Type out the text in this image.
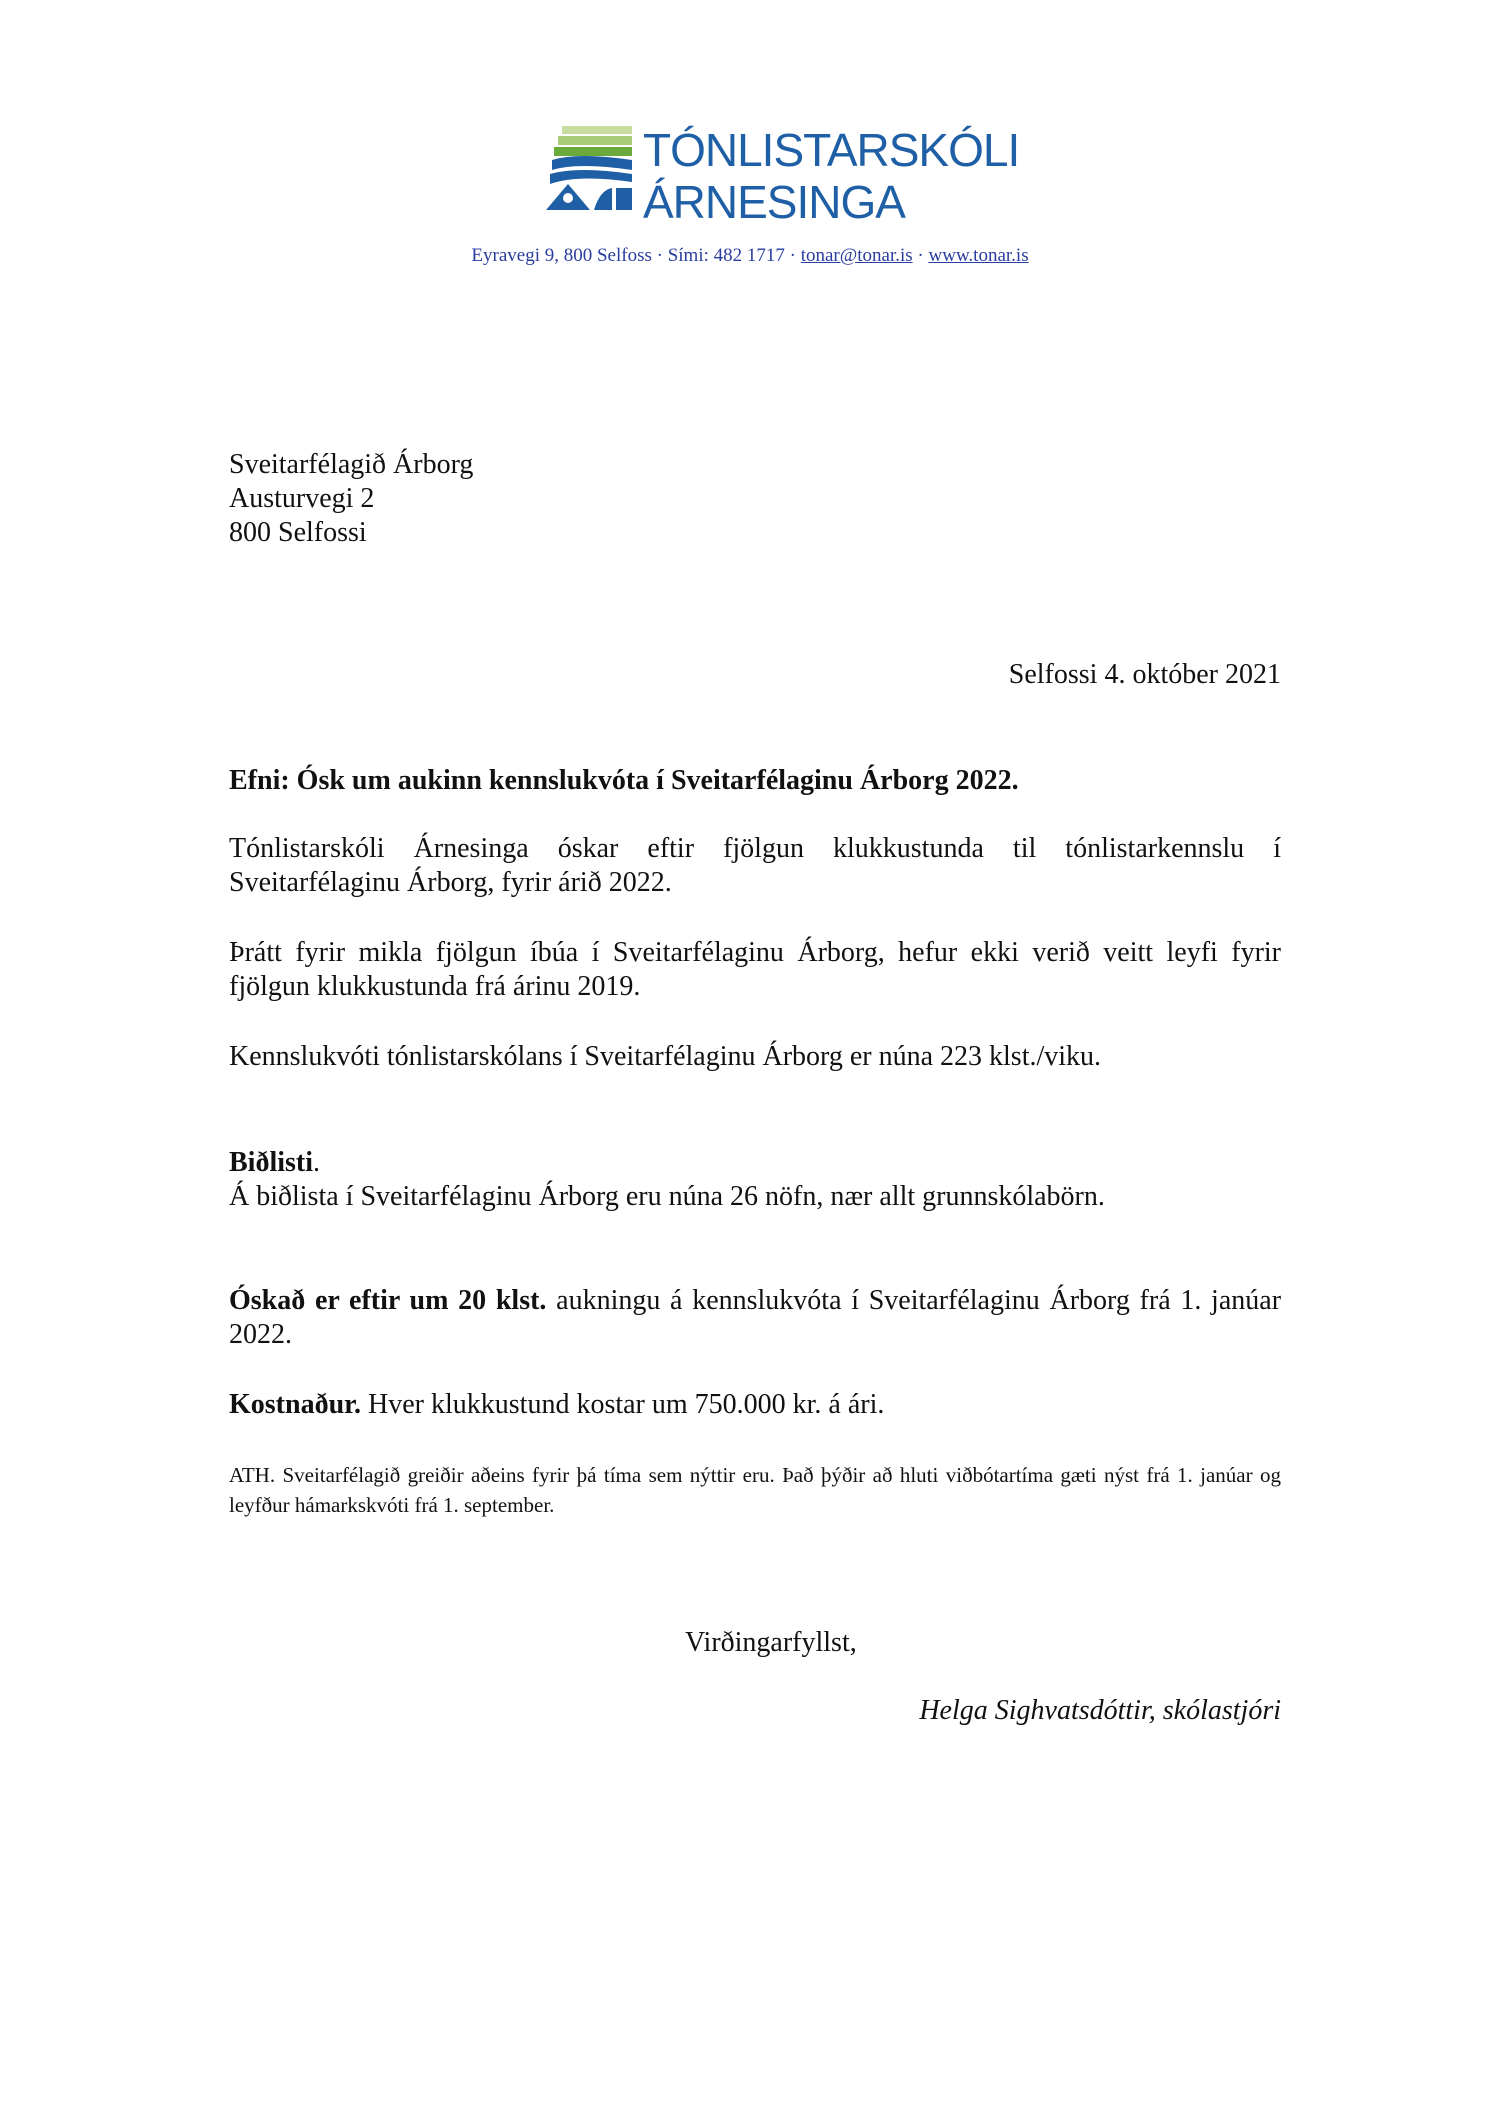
TÓNLISTARSKÓLI
ÁRNESINGA
Eyravegi 9, 800 Selfoss · Sími: 482 1717 · tonar@tonar.is · www.tonar.is
Sveitarfélagið Árborg
Austurvegi 2
800 Selfossi
Selfossi 4. október 2021
Efni: Ósk um aukinn kennslukvóta í Sveitarfélaginu Árborg 2022.
Tónlistarskóli Árnesinga óskar eftir fjölgun klukkustunda til tónlistarkennslu í Sveitarfélaginu Árborg, fyrir árið 2022.
Þrátt fyrir mikla fjölgun íbúa í Sveitarfélaginu Árborg, hefur ekki verið veitt leyfi fyrir fjölgun klukkustunda frá árinu 2019.
Kennslukvóti tónlistarskólans í Sveitarfélaginu Árborg er núna 223 klst./viku.
Biðlisti.
Á biðlista í Sveitarfélaginu Árborg eru núna 26 nöfn, nær allt grunnskólabörn.
Óskað er eftir um 20 klst. aukningu á kennslukvóta í Sveitarfélaginu Árborg frá 1. janúar 2022.
Kostnaður. Hver klukkustund kostar um 750.000 kr. á ári.
ATH. Sveitarfélagið greiðir aðeins fyrir þá tíma sem nýttir eru. Það þýðir að hluti viðbótartíma gæti nýst frá 1. janúar og leyfður hámarkskvóti frá 1. september.
Virðingarfyllst,
Helga Sighvatsdóttir, skólastjóri
